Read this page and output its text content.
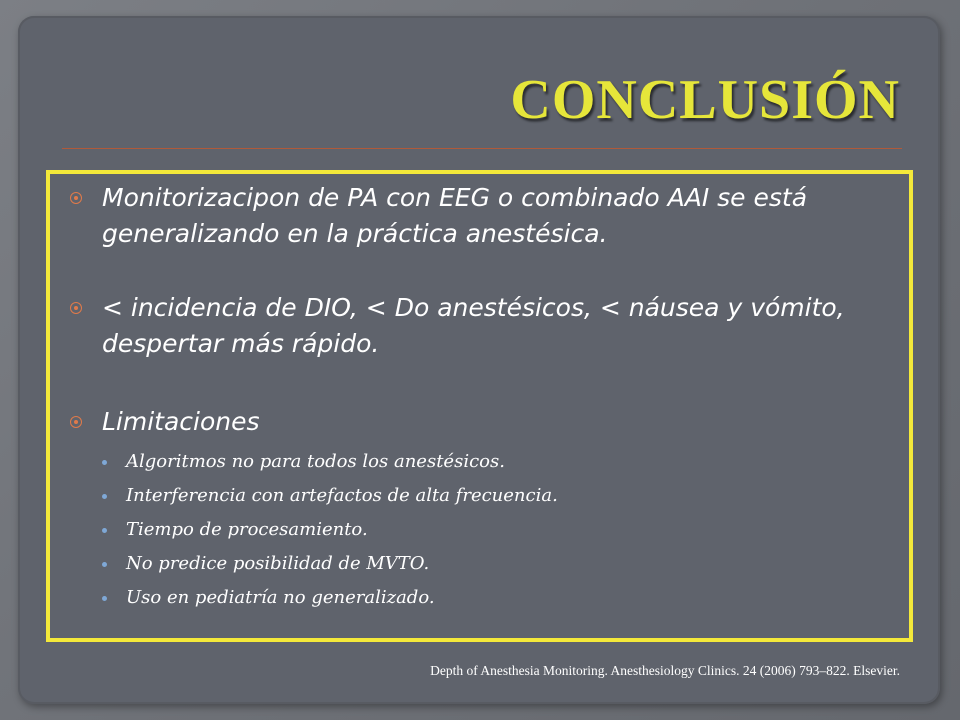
CONCLUSIÓN
Monitorizacipon de PA con EEG o combinado AAI se está generalizando en la práctica anestésica.
< incidencia de DIO, < Do anestésicos, < náusea y vómito, despertar más rápido.
Limitaciones
Algoritmos no para todos los anestésicos.
Interferencia con artefactos de alta frecuencia.
Tiempo de procesamiento.
No predice posibilidad de MVTO.
Uso en pediatría no generalizado.
Depth of Anesthesia Monitoring. Anesthesiology Clinics. 24 (2006) 793–822. Elsevier.
